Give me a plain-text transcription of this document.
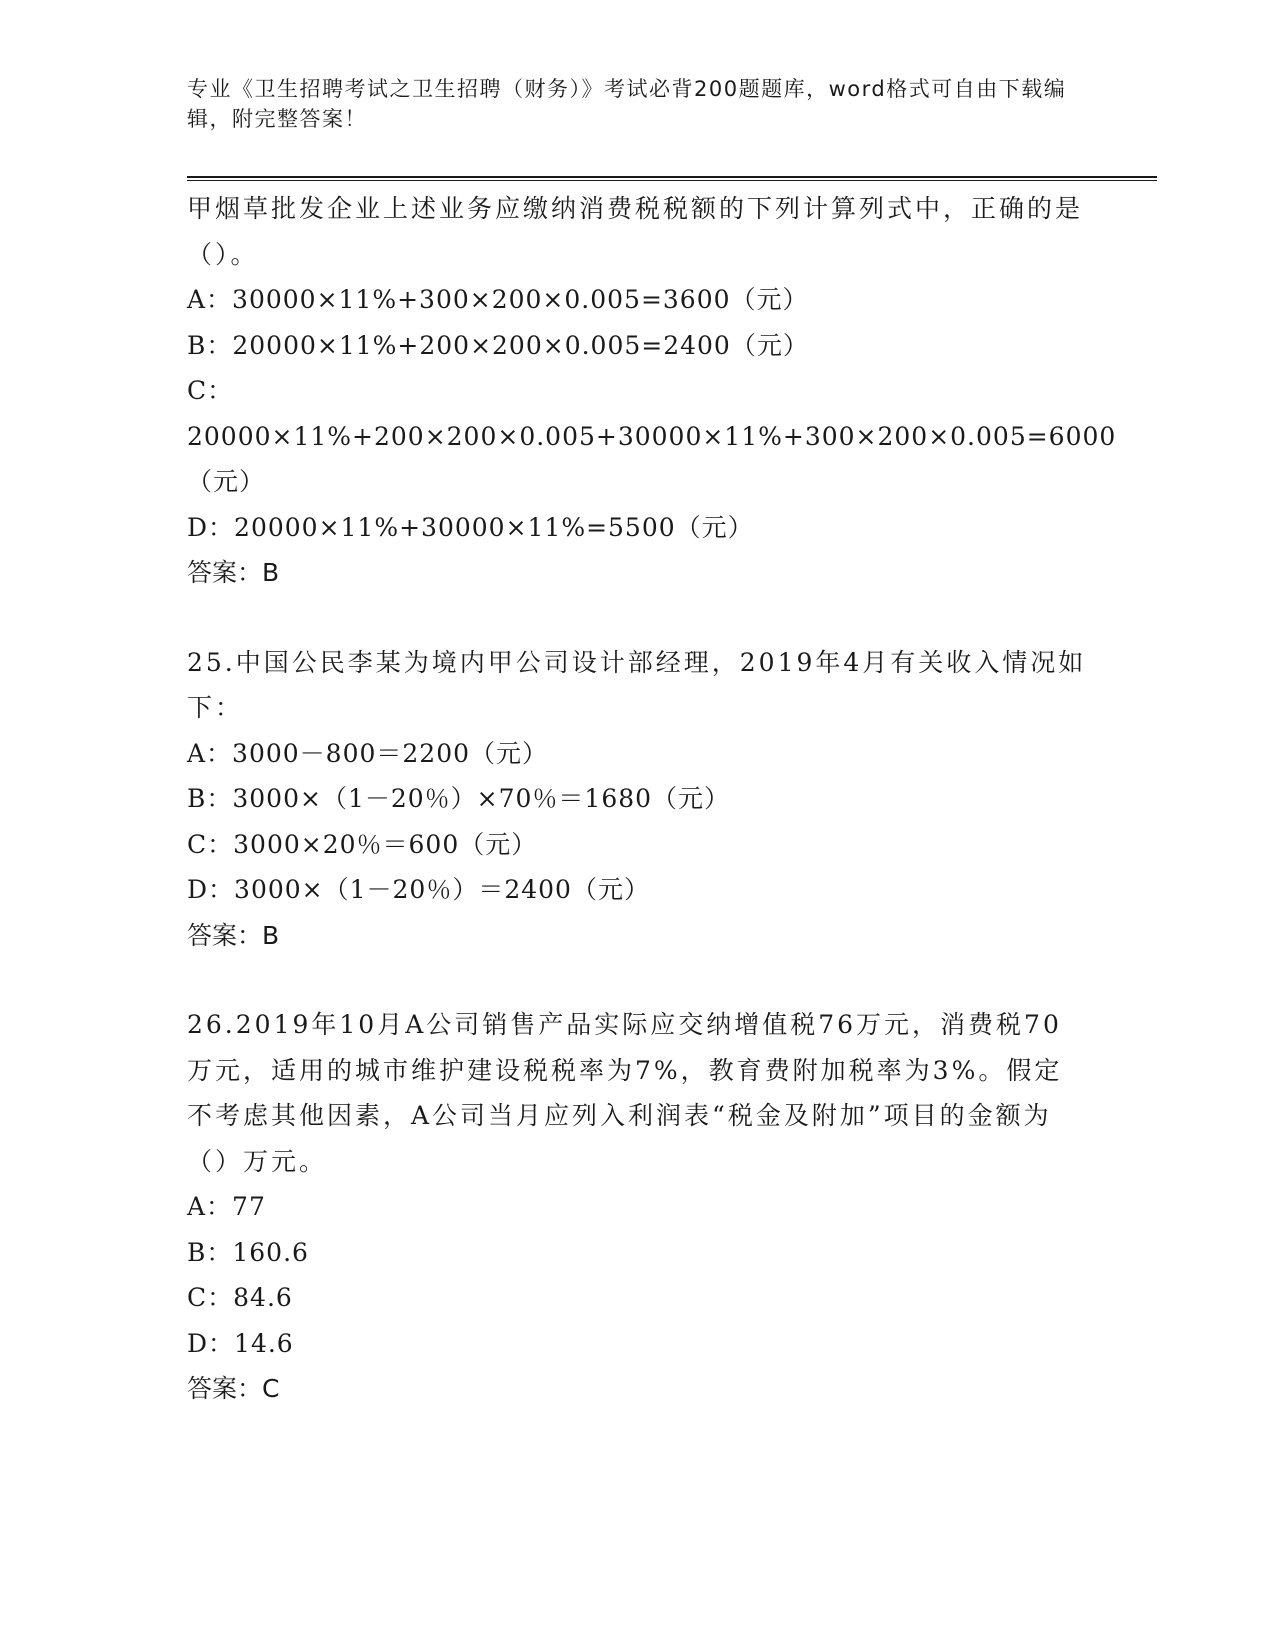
专业《卫生招聘考试之卫生招聘（财务）》考试必背200题题库，word格式可自由下载编辑，附完整答案！

甲烟草批发企业上述业务应缴纳消费税税额的下列计算列式中，正确的是（）。

A：30000×11%+300×200×0.005=3600（元）

B：20000×11%+200×200×0.005=2400（元）

C：20000×11%+200×200×0.005+30000×11%+300×200×0.005=6000（元）

D：20000×11%+30000×11%=5500（元）

答案：B

25.中国公民李某为境内甲公司设计部经理，2019年4月有关收入情况如下：

A：3000－800＝2200（元）

B：3000×（1－20％）×70％＝1680（元）

C：3000×20％＝600（元）

D：3000×（1－20％）＝2400（元）

答案：B

26.2019年10月A公司销售产品实际应交纳增值税76万元，消费税70万元，适用的城市维护建设税税率为7%，教育费附加税率为3%。假定不考虑其他因素，A公司当月应列入利润表“税金及附加”项目的金额为（）万元。

A：77

B：160.6

C：84.6

D：14.6

答案：C
